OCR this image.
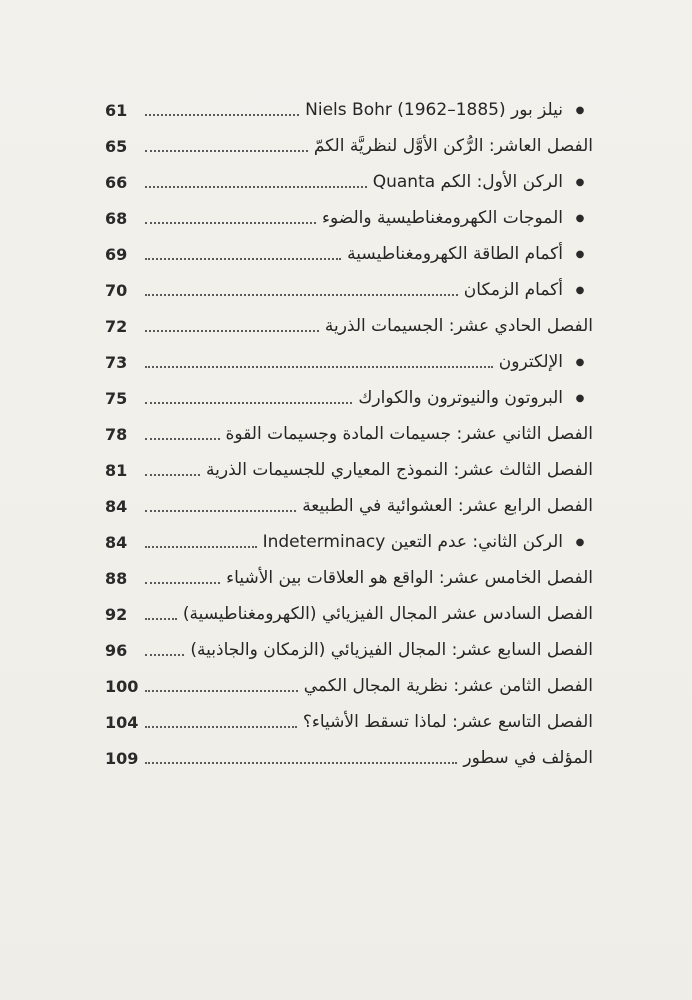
61	نيلز بور (1885–1962) Niels Bohr	●
65	الفصل العاشر: الرُّكن الأوَّل لنظريَّة الكمّ
66	الركن الأول: الكم Quanta	●
68	الموجات الكهرومغناطيسية والضوء	●
69	أكمام الطاقة الكهرومغناطيسية	●
70	أكمام الزمكان	●
72	الفصل الحادي عشر: الجسيمات الذرية
73	الإلكترون	●
75	البروتون والنيوترون والكوارك	●
78	الفصل الثاني عشر: جسيمات المادة وجسيمات القوة
81	الفصل الثالث عشر: النموذج المعياري للجسيمات الذرية
84	الفصل الرابع عشر: العشوائية في الطبيعة
84	الركن الثاني: عدم التعين Indeterminacy	●
88	الفصل الخامس عشر: الواقع هو العلاقات بين الأشياء
92	الفصل السادس عشر المجال الفيزيائي (الكهرومغناطيسية)
96	الفصل السابع عشر: المجال الفيزيائي (الزمكان والجاذبية)
100	الفصل الثامن عشر: نظرية المجال الكمي
104	الفصل التاسع عشر: لماذا تسقط الأشياء؟
109	المؤلف في سطور
